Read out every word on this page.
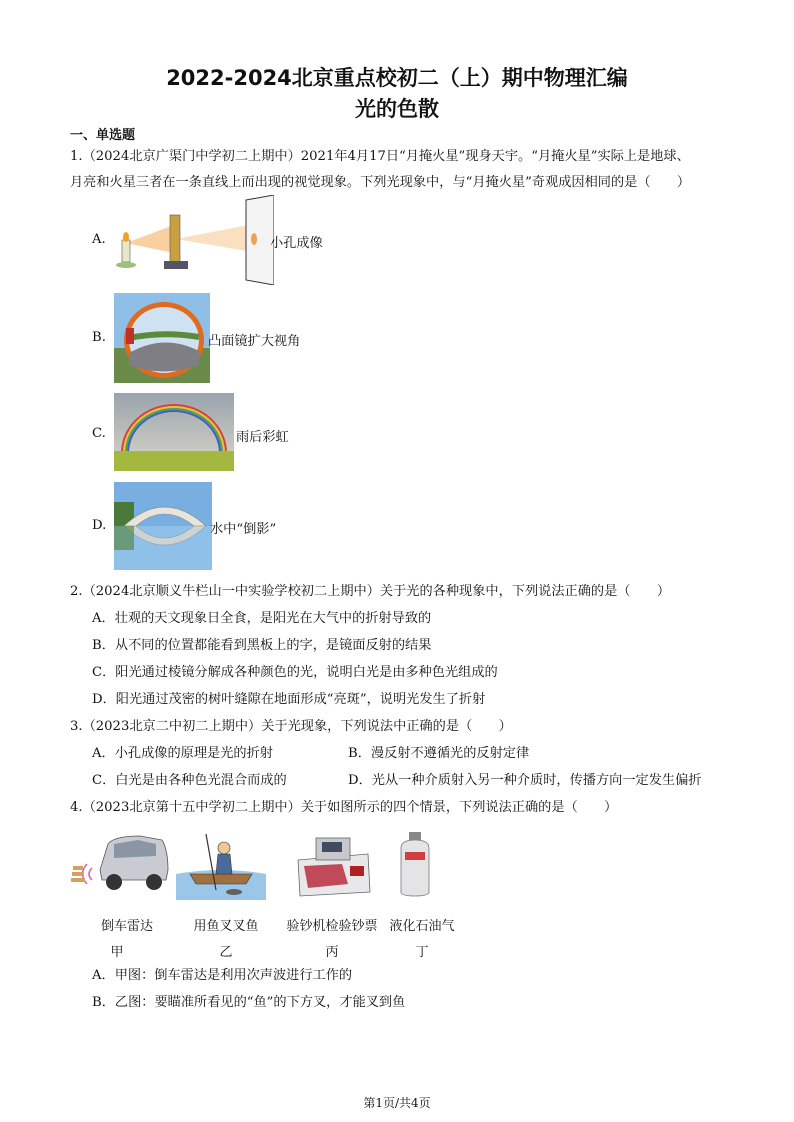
2022-2024北京重点校初二（上）期中物理汇编
光的色散
一、单选题
1.（2024北京广渠门中学初二上期中）2021年4月17日“月掩火星”现身天宇。“月掩火星”实际上是地球、
月亮和火星三者在一条直线上而出现的视觉现象。下列光现象中，与“月掩火星”奇观成因相同的是（　　）
A.	小孔成像
B.	凸面镜扩大视角
C.	雨后彩虹
D.	水中“倒影”
2.（2024北京顺义牛栏山一中实验学校初二上期中）关于光的各种现象中，下列说法正确的是（　　）
A．壮观的天文现象日全食，是阳光在大气中的折射导致的
B．从不同的位置都能看到黑板上的字，是镜面反射的结果
C．阳光通过棱镜分解成各种颜色的光，说明白光是由多种色光组成的
D．阳光通过茂密的树叶缝隙在地面形成“亮斑”，说明光发生了折射
3.（2023北京二中初二上期中）关于光现象，下列说法中正确的是（　　）
A．小孔成像的原理是光的折射	B．漫反射不遵循光的反射定律
C．白光是由各种色光混合而成的	D．光从一种介质射入另一种介质时，传播方向一定发生偏折
4.（2023北京第十五中学初二上期中）关于如图所示的四个情景，下列说法正确的是（　　）
倒车雷达	用鱼叉叉鱼	验钞机检验钞票 液化石油气
甲	乙	丙	丁
A．甲图：倒车雷达是利用次声波进行工作的
B．乙图：要瞄准所看见的“鱼”的下方叉，才能叉到鱼
第1页/共4页
